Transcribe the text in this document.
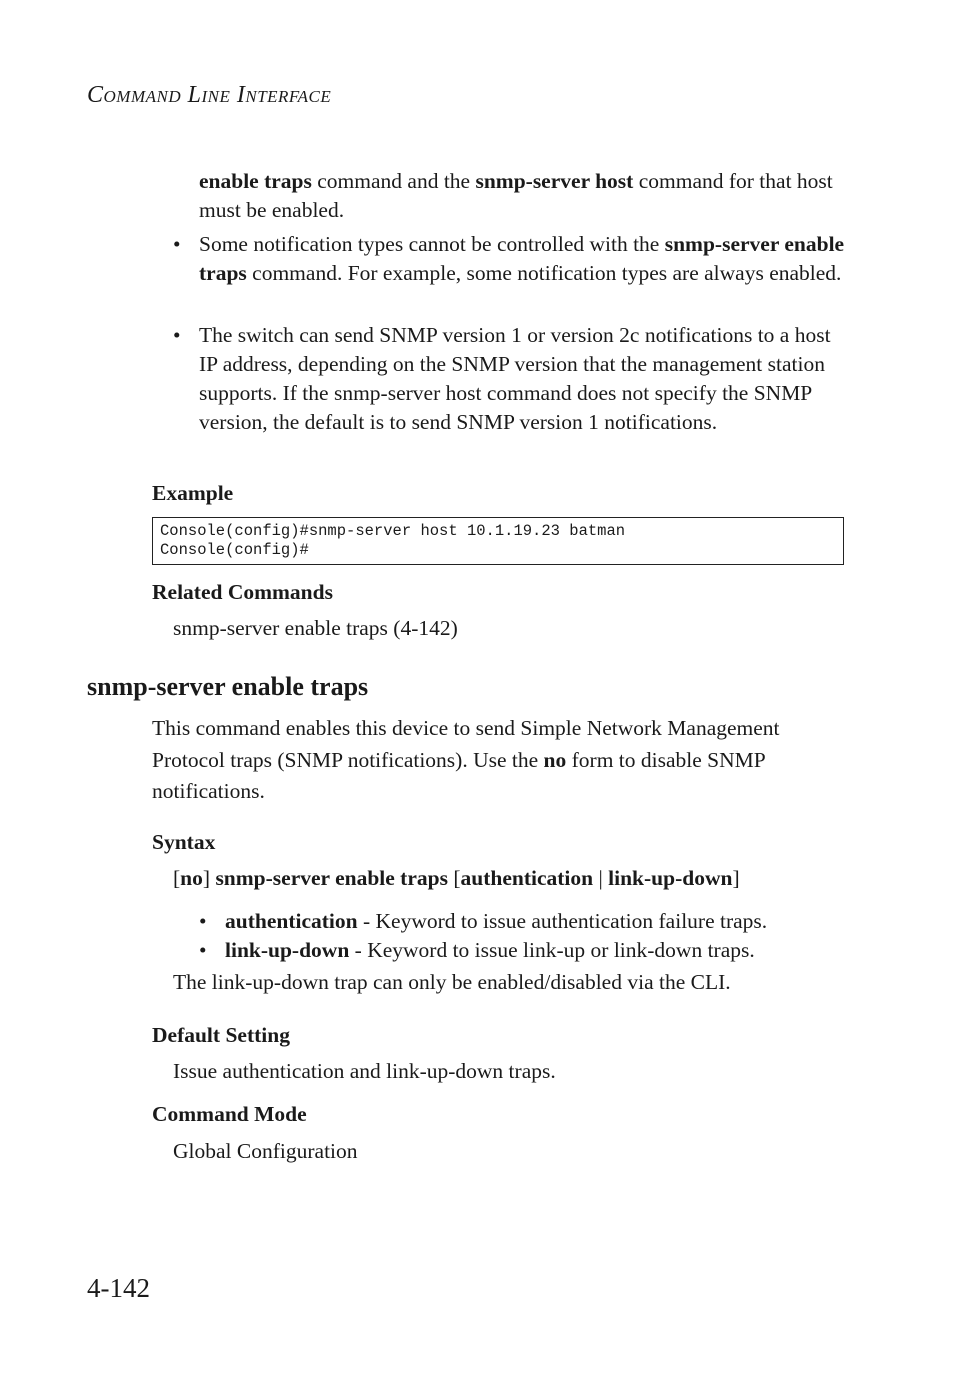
COMMAND LINE INTERFACE
enable traps command and the snmp-server host command for that host must be enabled.
• Some notification types cannot be controlled with the snmp-server enable traps command. For example, some notification types are always enabled.
• The switch can send SNMP version 1 or version 2c notifications to a host IP address, depending on the SNMP version that the management station supports. If the snmp-server host command does not specify the SNMP version, the default is to send SNMP version 1 notifications.
Example
Console(config)#snmp-server host 10.1.19.23 batman
Console(config)#
Related Commands
snmp-server enable traps (4-142)
snmp-server enable traps
This command enables this device to send Simple Network Management Protocol traps (SNMP notifications). Use the no form to disable SNMP notifications.
Syntax
[no] snmp-server enable traps [authentication | link-up-down]
• authentication - Keyword to issue authentication failure traps.
• link-up-down - Keyword to issue link-up or link-down traps.
The link-up-down trap can only be enabled/disabled via the CLI.
Default Setting
Issue authentication and link-up-down traps.
Command Mode
Global Configuration
4-142
